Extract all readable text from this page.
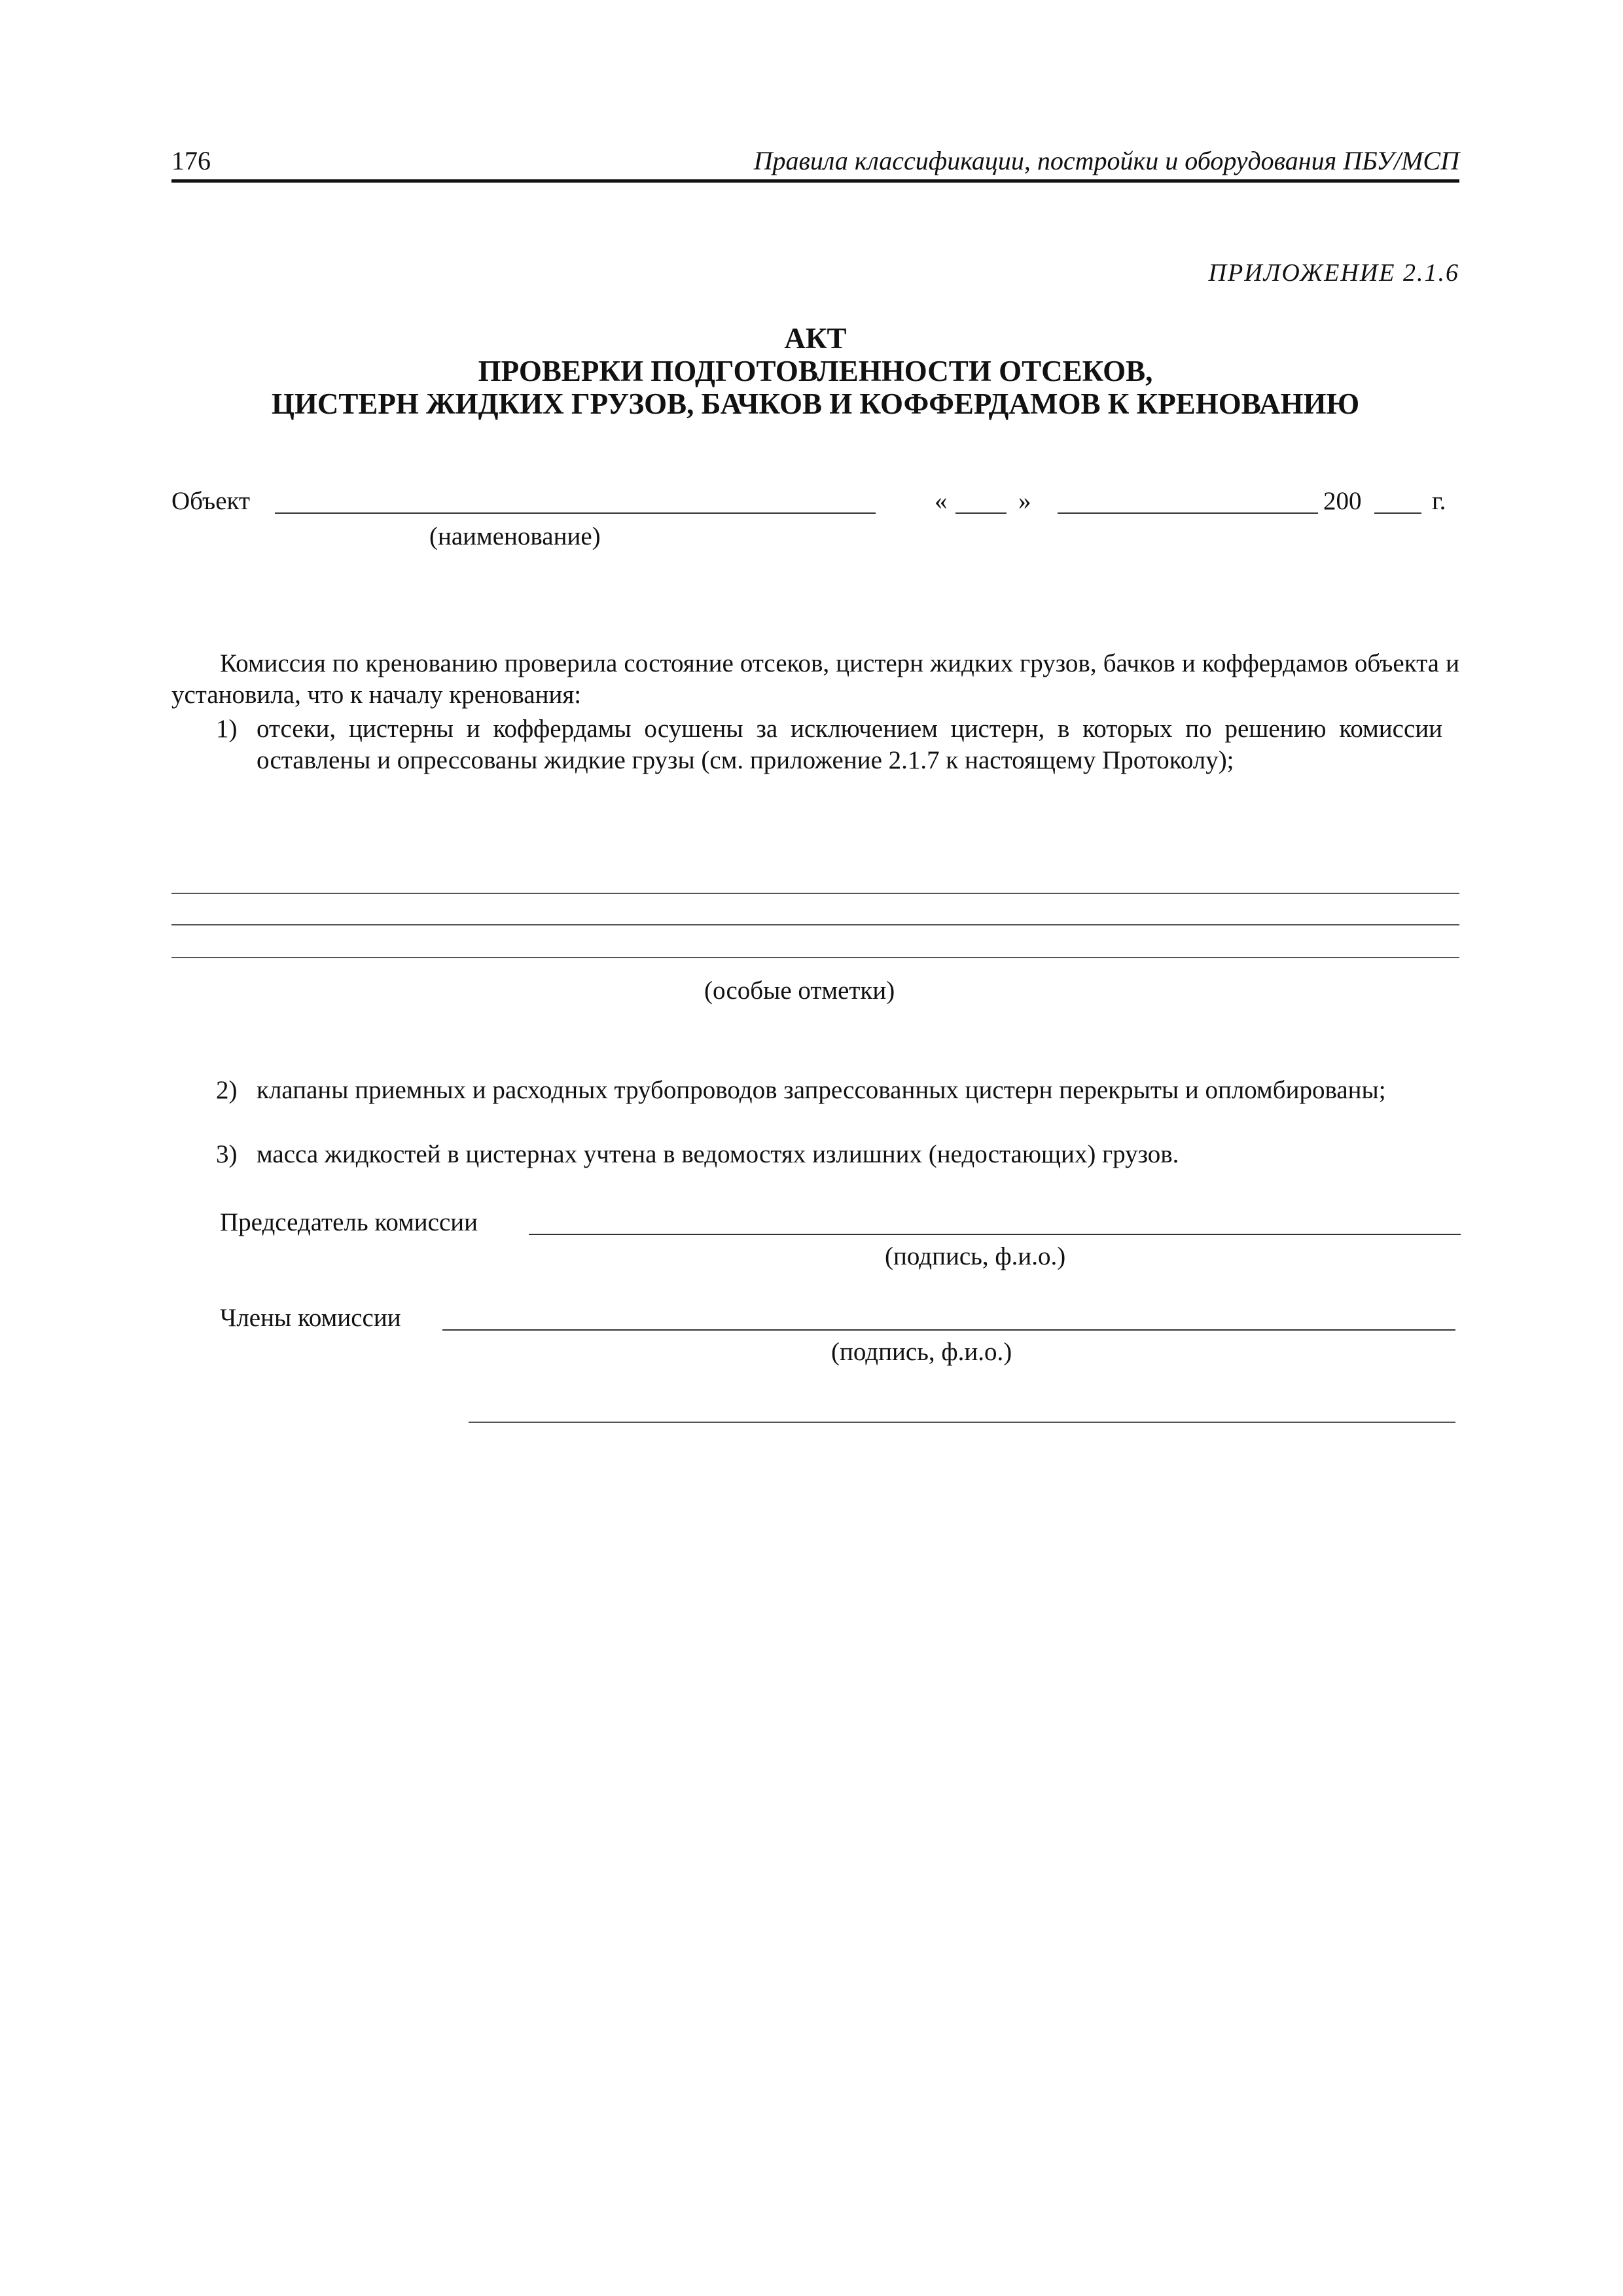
176	Правила классификации, постройки и оборудования ПБУ/МСП
ПРИЛОЖЕНИЕ 2.1.6
АКТ
ПРОВЕРКИ ПОДГОТОВЛЕННОСТИ ОТСЕКОВ,
ЦИСТЕРН ЖИДКИХ ГРУЗОВ, БАЧКОВ И КОФФЕРДАМОВ К КРЕНОВАНИЮ
Объект
(наименование)
«	»	200	г.
Комиссия по кренованию проверила состояние отсеков, цистерн жидких грузов, бачков и коффердамов объекта и установила, что к началу кренования:
1) отсеки, цистерны и коффердамы осушены за исключением цистерн, в которых по решению комиссии оставлены и опрессованы жидкие грузы (см. приложение 2.1.7 к настоящему Протоколу);
(особые отметки)
2) клапаны приемных и расходных трубопроводов запрессованных цистерн перекрыты и опломбированы;
3) масса жидкостей в цистернах учтена в ведомостях излишних (недостающих) грузов.
Председатель комиссии
(подпись, ф.и.о.)
Члены комиссии
(подпись, ф.и.о.)
